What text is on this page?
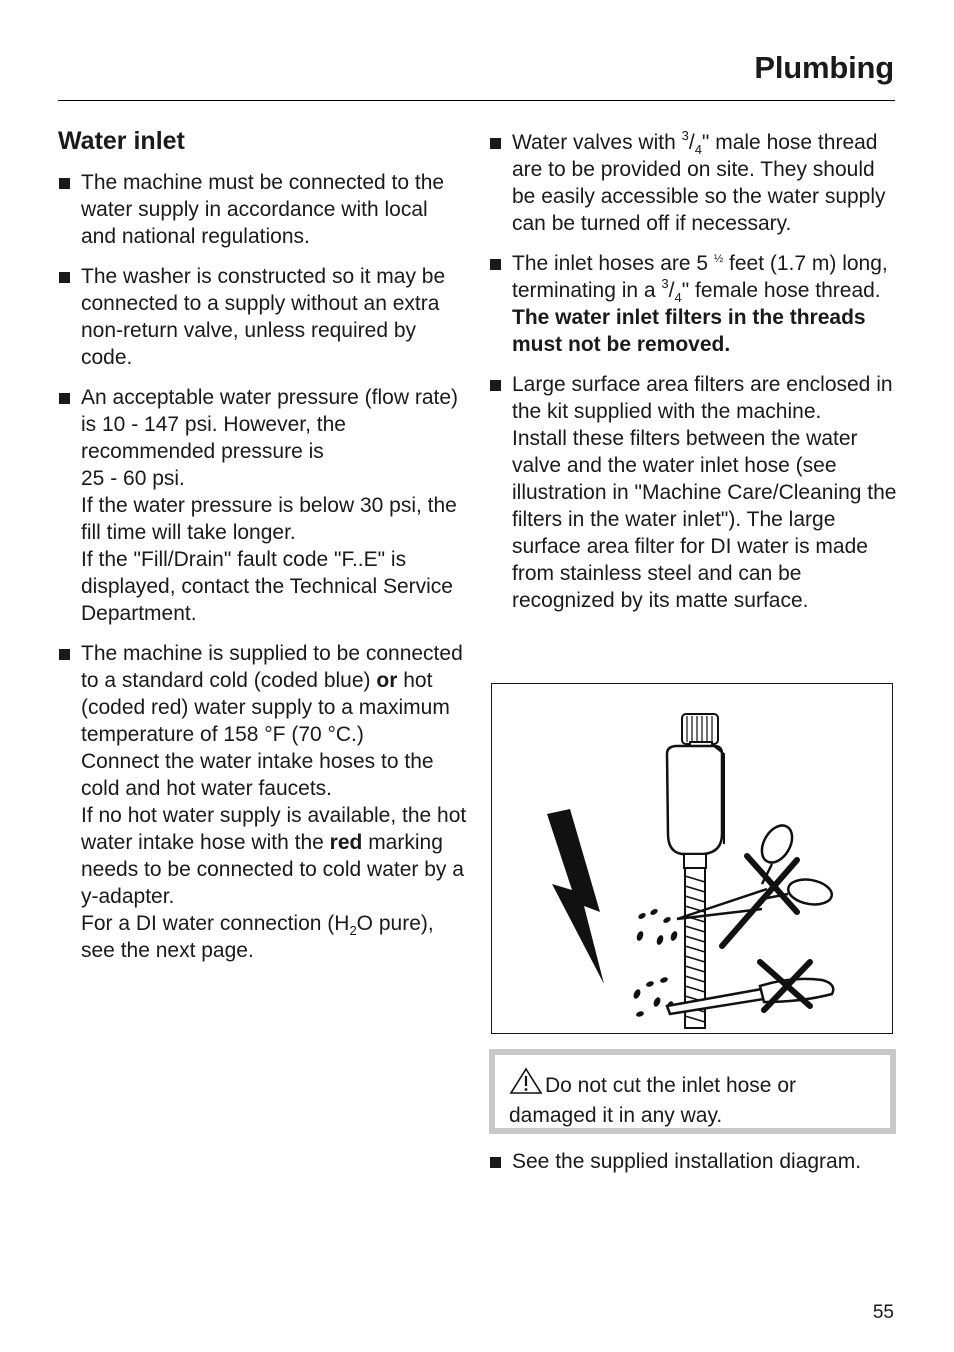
Plumbing
Water inlet

The machine must be connected to the water supply in accordance with local and national regulations.

The washer is constructed so it may be connected to a supply without an extra non-return valve, unless required by code.

An acceptable water pressure (flow rate) is 10 - 147 psi. However, the recommended pressure is

25 - 60 psi.

If the water pressure is below 30 psi, the fill time will take longer.

If the "Fill/Drain" fault code "F..E" is displayed, contact the Technical Service Department.

The machine is supplied to be connected to a standard cold (coded blue) or hot (coded red) water supply to a maximum temperature of 158 °F (70 °C.)

Connect the water intake hoses to the cold and hot water faucets.

If no hot water supply is available, the hot water intake hose with the red marking needs to be connected to cold water by a y-adapter.

For a DI water connection ($H_2O$ pure), see the next page.

Water valves with $^3/_4$" male hose thread are to be provided on site. They should be easily accessible so the water supply can be turned off if necessary.

The inlet hoses are 5 $^{\frac{1}{2}}$ feet (1.7 m) long, terminating in a $^3/_4$" female hose thread. The water inlet filters in the threads must not be removed.

Large surface area filters are enclosed in the kit supplied with the machine.

Install these filters between the water valve and the water inlet hose (see illustration in "Machine Care/Cleaning the filters in the water inlet"). The large surface area filter for DI water is made from stainless steel and can be recognized by its matte surface.

Do not cut the inlet hose or damaged it in any way.

See the supplied installation diagram.

55
